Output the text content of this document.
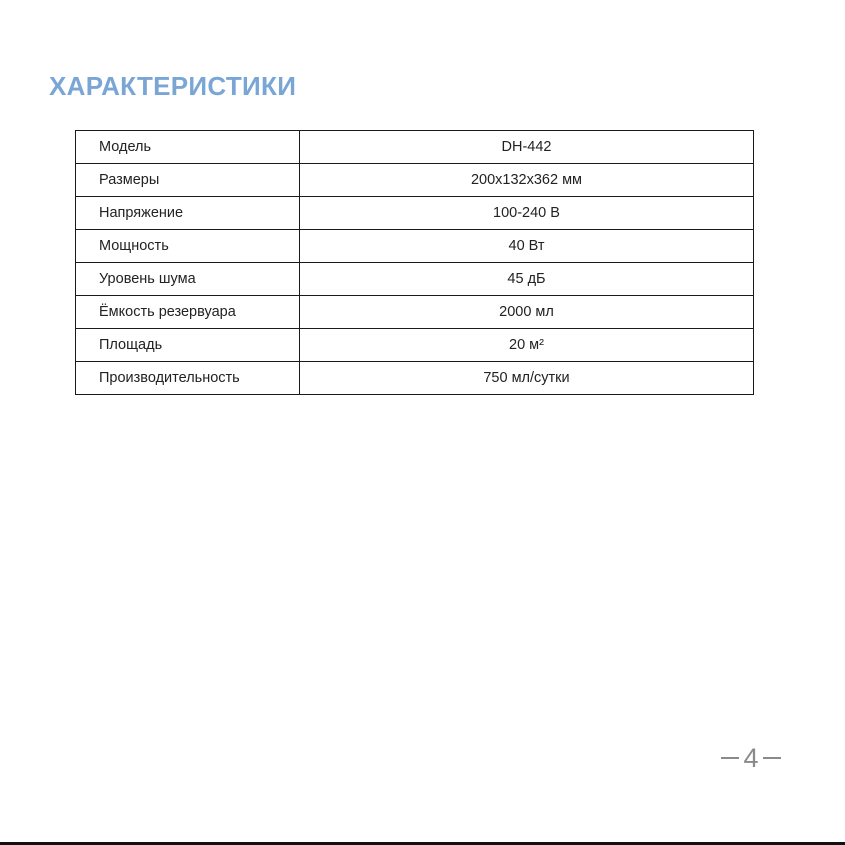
ХАРАКТЕРИСТИКИ
Модель	DH-442
Размеры	200x132x362 мм
Напряжение	100-240 В
Мощность	40 Вт
Уровень шума	45 дБ
Ёмкость резервуара	2000 мл
Площадь	20 м²
Производительность	750 мл/сутки
4
